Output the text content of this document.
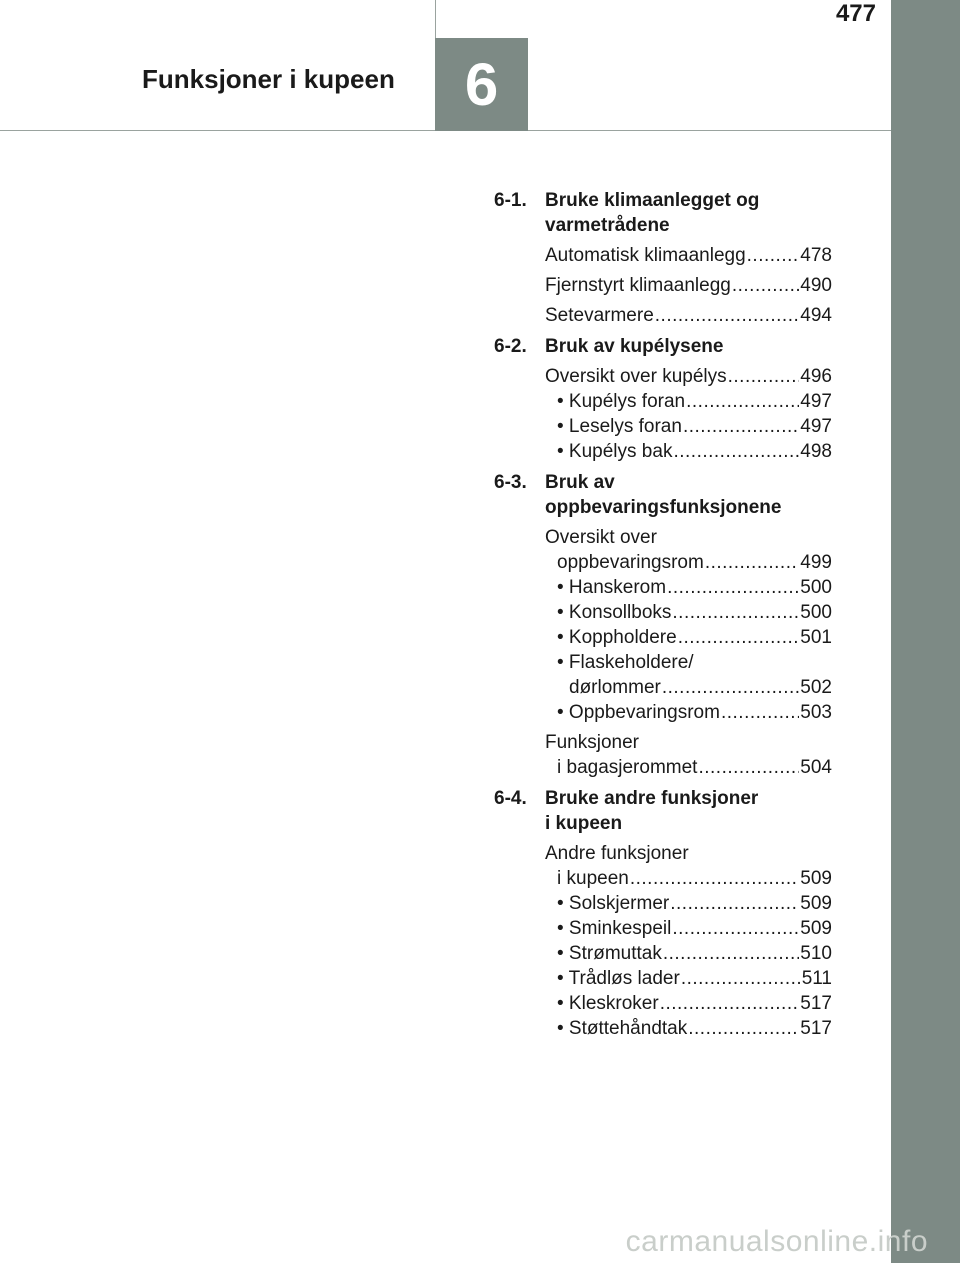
6
Funksjoner i kupeen
477
6-1. Bruke klimaanlegget og
varmetrådene
Automatisk klimaanlegg .....	478
Fjernstyrt klimaanlegg .....	490
Setevarmere .....	494
6-2. Bruk av kupélysene
Oversikt over kupélys .....	496
• Kupélys foran .....	497
• Leselys foran .....	497
• Kupélys bak .....	498
6-3. Bruk av
oppbevaringsfunksjonene
Oversikt over
oppbevaringsrom .....	499
• Hanskerom .....	500
• Konsollboks .....	500
• Koppholdere .....	501
• Flaskeholdere/
dørlommer .....	502
• Oppbevaringsrom .....	503
Funksjoner
i bagasjerommet .....	504
6-4. Bruke andre funksjoner
i kupeen
Andre funksjoner
i kupeen .....	509
• Solskjermer .....	509
• Sminkespeil .....	509
• Strømuttak .....	510
• Trådløs lader .....	511
• Kleskroker .....	517
• Støttehåndtak .....	517
carmanualsonline.info
